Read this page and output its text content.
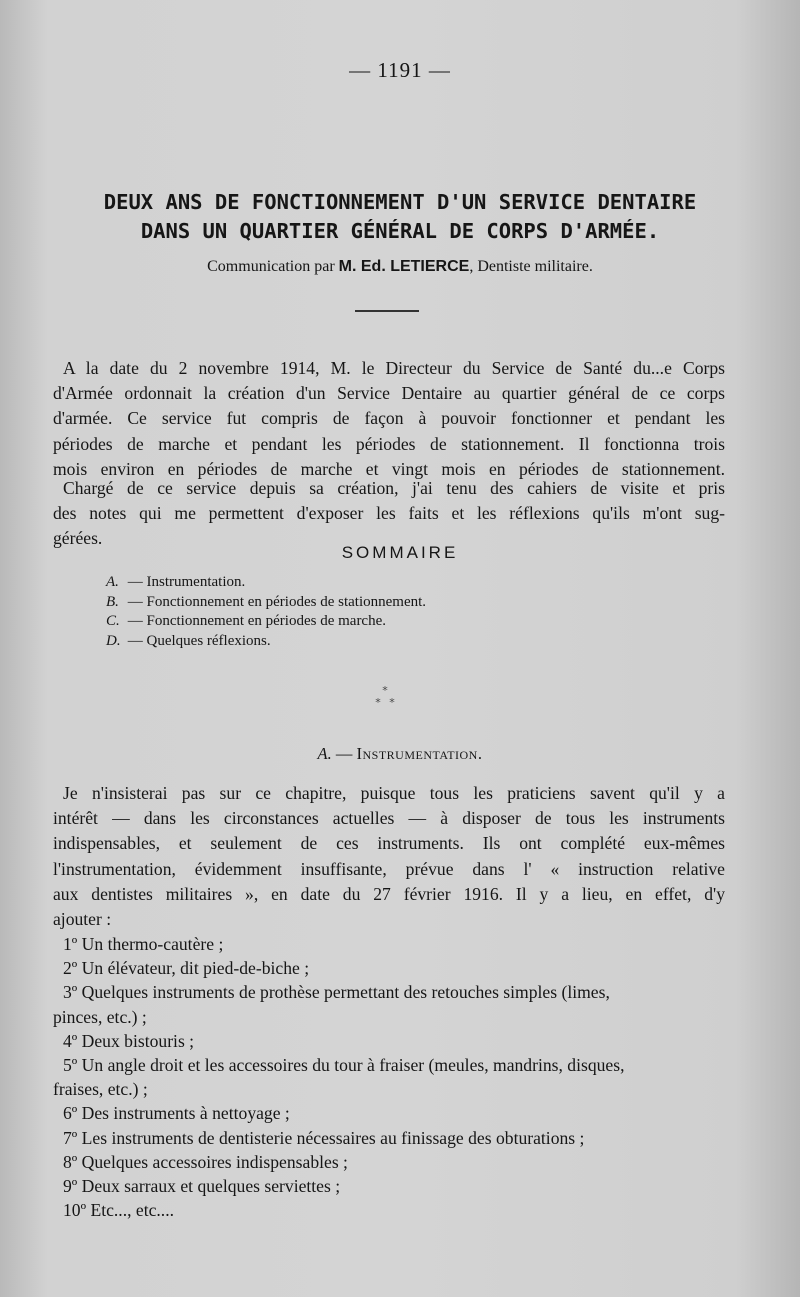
— 1191 —
DEUX ANS DE FONCTIONNEMENT D'UN SERVICE DENTAIRE
DANS UN QUARTIER GÉNÉRAL DE CORPS D'ARMÉE.
Communication par M. Ed. LETIERCE, Dentiste militaire.
A la date du 2 novembre 1914, M. le Directeur du Service de Santé du...e Corps
d'Armée ordonnait la création d'un Service Dentaire au quartier général de ce corps
d'armée. Ce service fut compris de façon à pouvoir fonctionner et pendant les
périodes de marche et pendant les périodes de stationnement. Il fonctionna trois
mois environ en périodes de marche et vingt mois en périodes de stationnement.
Chargé de ce service depuis sa création, j'ai tenu des cahiers de visite et pris
des notes qui me permettent d'exposer les faits et les réflexions qu'ils m'ont sug-
gérées.
SOMMAIRE
A. — Instrumentation.
B. — Fonctionnement en périodes de stationnement.
C. — Fonctionnement en périodes de marche.
D. — Quelques réflexions.
*
* *
A. — Instrumentation.
Je n'insisterai pas sur ce chapitre, puisque tous les praticiens savent qu'il y a
intérêt — dans les circonstances actuelles — à disposer de tous les instruments
indispensables, et seulement de ces instruments. Ils ont complété eux-mêmes
l'instrumentation, évidemment insuffisante, prévue dans l' « instruction relative
aux dentistes militaires », en date du 27 février 1916. Il y a lieu, en effet, d'y
ajouter :
1º Un thermo-cautère ;
2º Un élévateur, dit pied-de-biche ;
3º Quelques instruments de prothèse permettant des retouches simples (limes,
pinces, etc.) ;
4º Deux bistouris ;
5º Un angle droit et les accessoires du tour à fraiser (meules, mandrins, disques,
fraises, etc.) ;
6º Des instruments à nettoyage ;
7º Les instruments de dentisterie nécessaires au finissage des obturations ;
8º Quelques accessoires indispensables ;
9º Deux sarraux et quelques serviettes ;
10º Etc..., etc....
